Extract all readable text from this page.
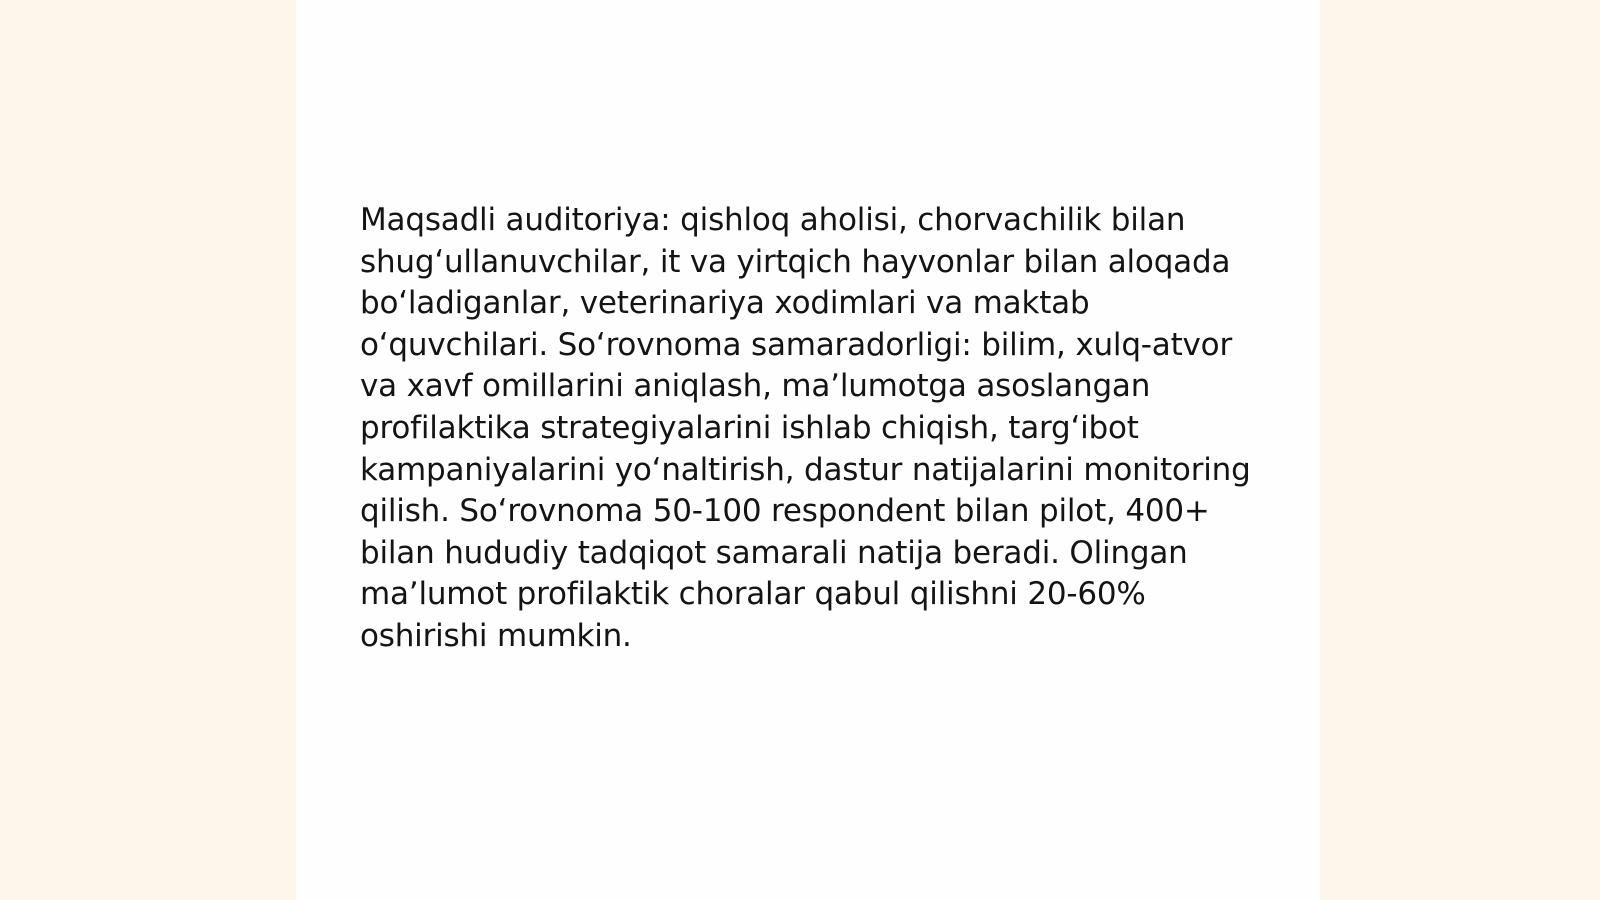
Maqsadli auditoriya: qishloq aholisi, chorvachilik bilan shug‘ullanuvchilar, it va yirtqich hayvonlar bilan aloqada bo‘ladiganlar, veterinariya xodimlari va maktab o‘quvchilari. So‘rovnoma samaradorligi: bilim, xulq-atvor va xavf omillarini aniqlash, ma’lumotga asoslangan profilaktika strategiyalarini ishlab chiqish, targ‘ibot kampaniyalarini yo‘naltirish, dastur natijalarini monitoring qilish. So‘rovnoma 50-100 respondent bilan pilot, 400+ bilan hududiy tadqiqot samarali natija beradi. Olingan ma’lumot profilaktik choralar qabul qilishni 20-60% oshirishi mumkin.
